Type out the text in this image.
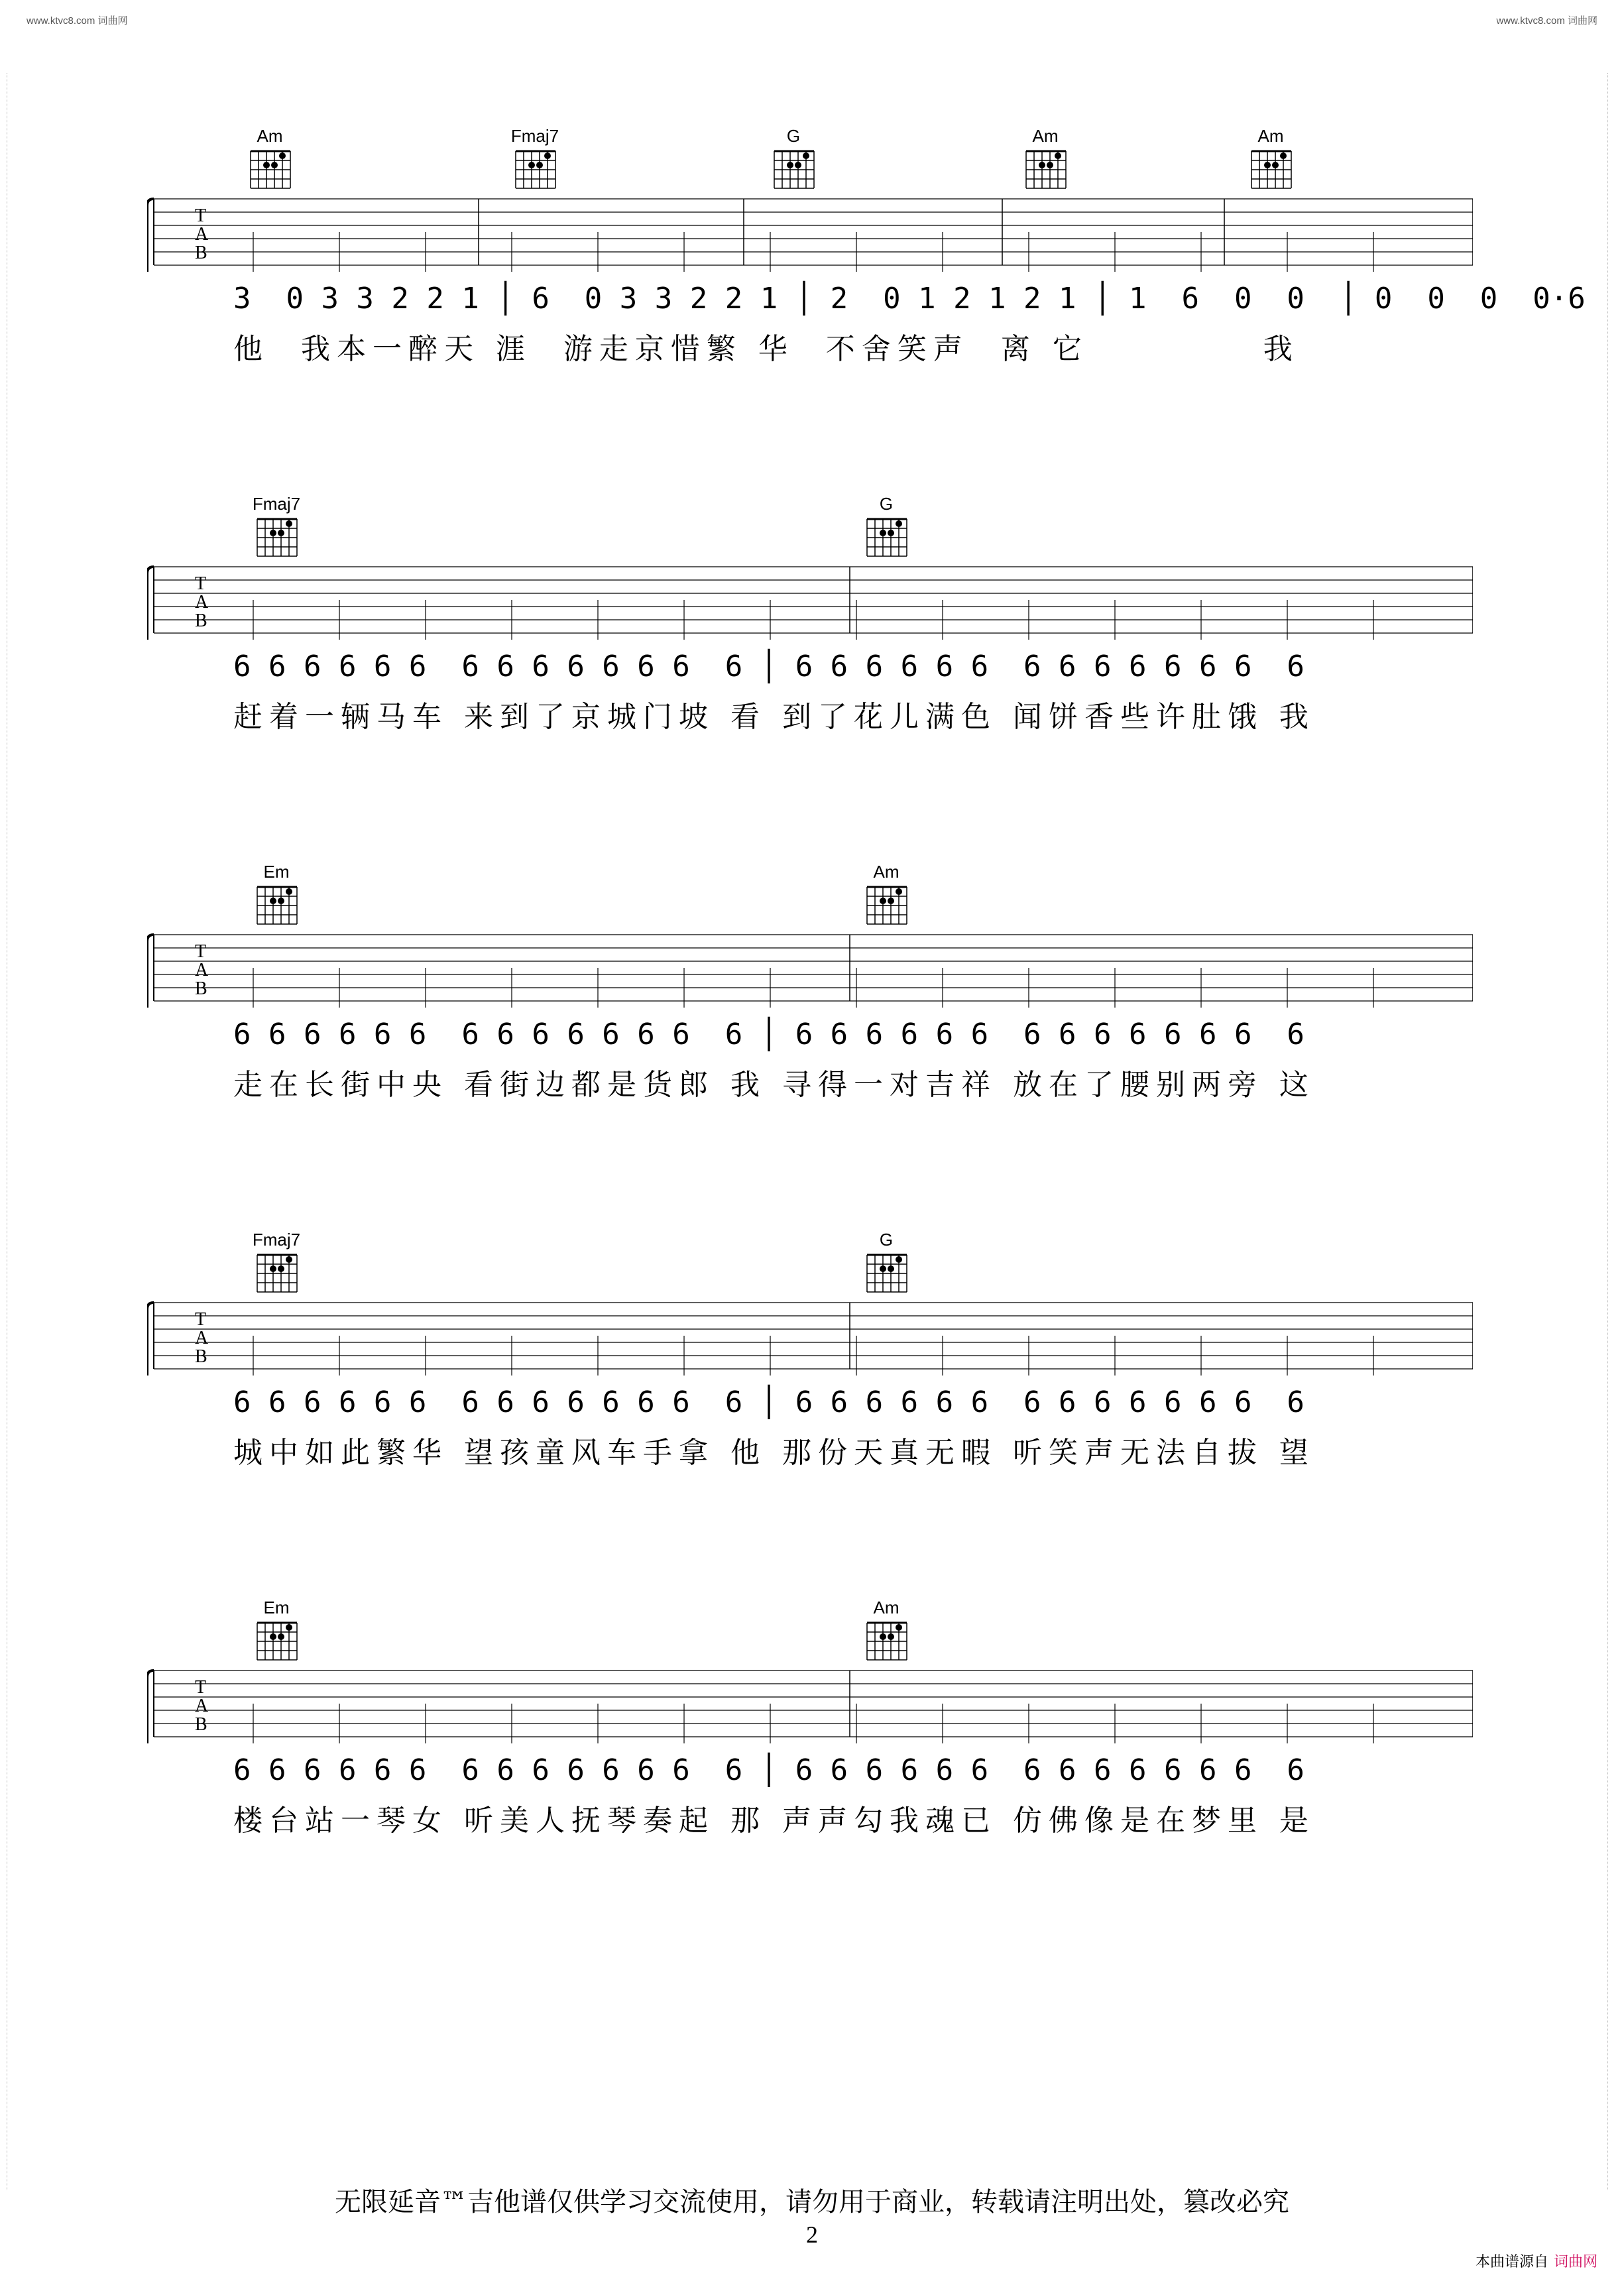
www.ktvc8.com 词曲网	www.ktvc8.com 词曲网
Am	Fmaj7	G	Am	Am
T
A
B
3  0 3 3 2 2 1 │ 6  0 3 3 2 2 1 │ 2  0 1 2 1 2 1 │ 1  6  0  0  │ 0  0  0  0·6
他  我本一醉天 涯  游走京惜繁 华  不舍笑声  离 它           我
Fmaj7	G
T
A
B
6 6 6 6 6 6  6 6 6 6 6 6 6  6 │ 6 6 6 6 6 6  6 6 6 6 6 6 6  6
赶着一辆马车 来到了京城门坡 看 到了花儿满色 闻饼香些许肚饿 我
Em	Am
T
A
B
6 6 6 6 6 6  6 6 6 6 6 6 6  6 │ 6 6 6 6 6 6  6 6 6 6 6 6 6  6
走在长街中央 看街边都是货郎 我 寻得一对吉祥 放在了腰别两旁 这
Fmaj7	G
T
A
B
6 6 6 6 6 6  6 6 6 6 6 6 6  6 │ 6 6 6 6 6 6  6 6 6 6 6 6 6  6
城中如此繁华 望孩童风车手拿 他 那份天真无暇 听笑声无法自拔 望
Em	Am
T
A
B
6 6 6 6 6 6  6 6 6 6 6 6 6  6 │ 6 6 6 6 6 6  6 6 6 6 6 6 6  6
楼台站一琴女 听美人抚琴奏起 那 声声勾我魂已 仿佛像是在梦里 是
无限延音™吉他谱仅供学习交流使用，请勿用于商业，转载请注明出处，篡改必究
2
本曲谱源自 词曲网
